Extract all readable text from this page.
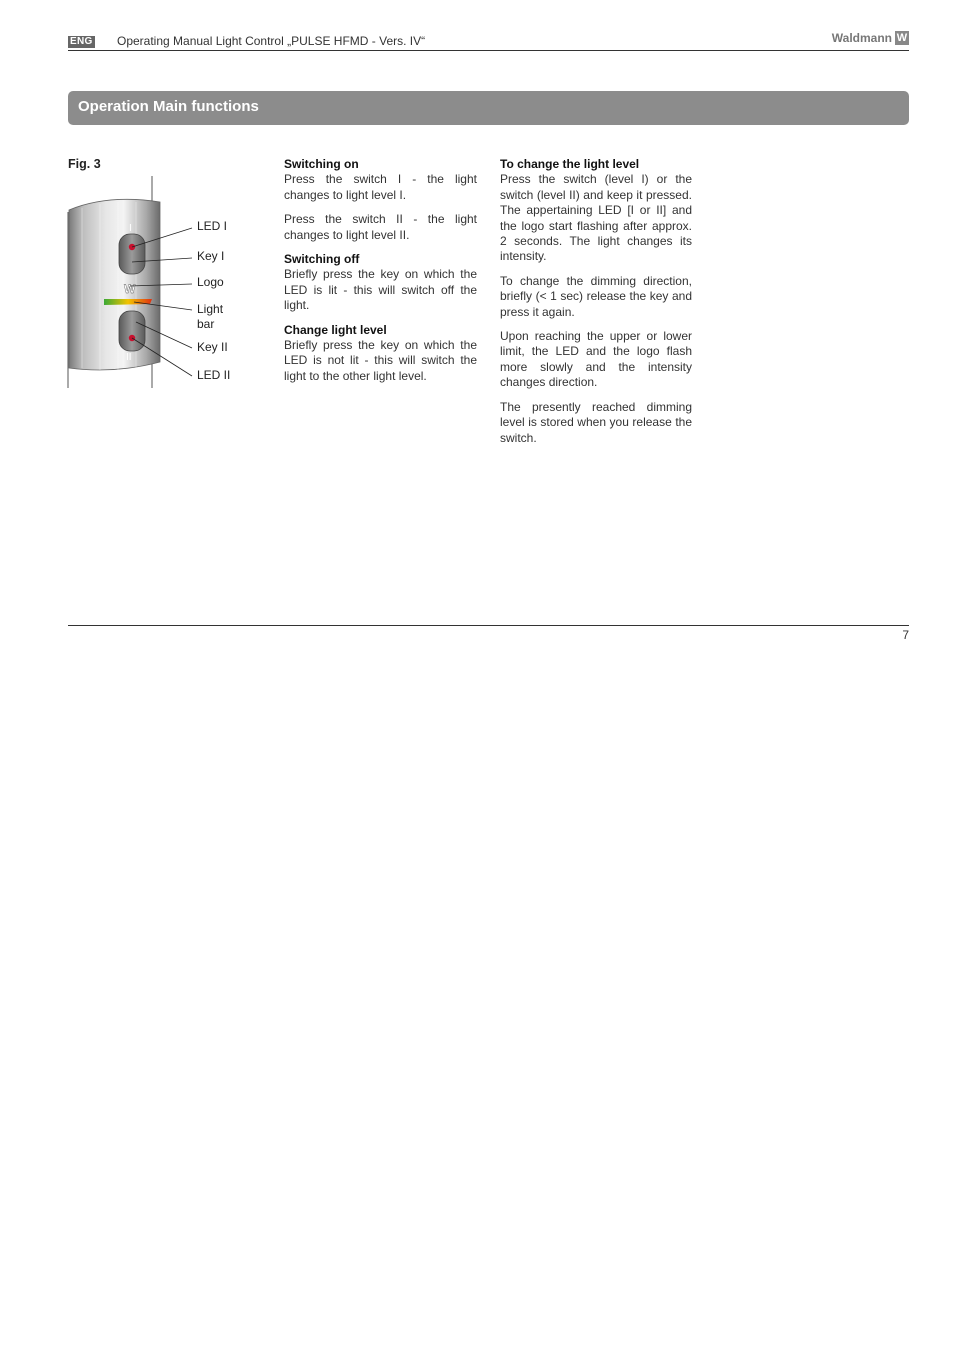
ENG Operating Manual Light Control „PULSE HFMD - Vers. IV“	Waldmann W
Operation Main functions
Fig. 3
I
W
II
LED I
Key I
Logo
Light
bar
Key II
LED II
Switching on

Press the switch I - the light changes to light level I.

Press the switch II - the light changes to light level II.

Switching off

Briefly press the key on which the LED is lit - this will switch off the light.

Change light level

Briefly press the key on which the LED is not lit - this will switch the light to the other light level.

To change the light level

Press the switch (level I) or the switch (level II) and keep it pressed. The appertaining LED [I or II] and the logo start flashing after approx. 2 seconds. The light changes its intensity.

To change the dimming direction, briefly (< 1 sec) release the key and press it again.

Upon reaching the upper or lower limit, the LED and the logo flash more slowly and the intensity changes direction.

The presently reached dimming level is stored when you release the switch.

7
